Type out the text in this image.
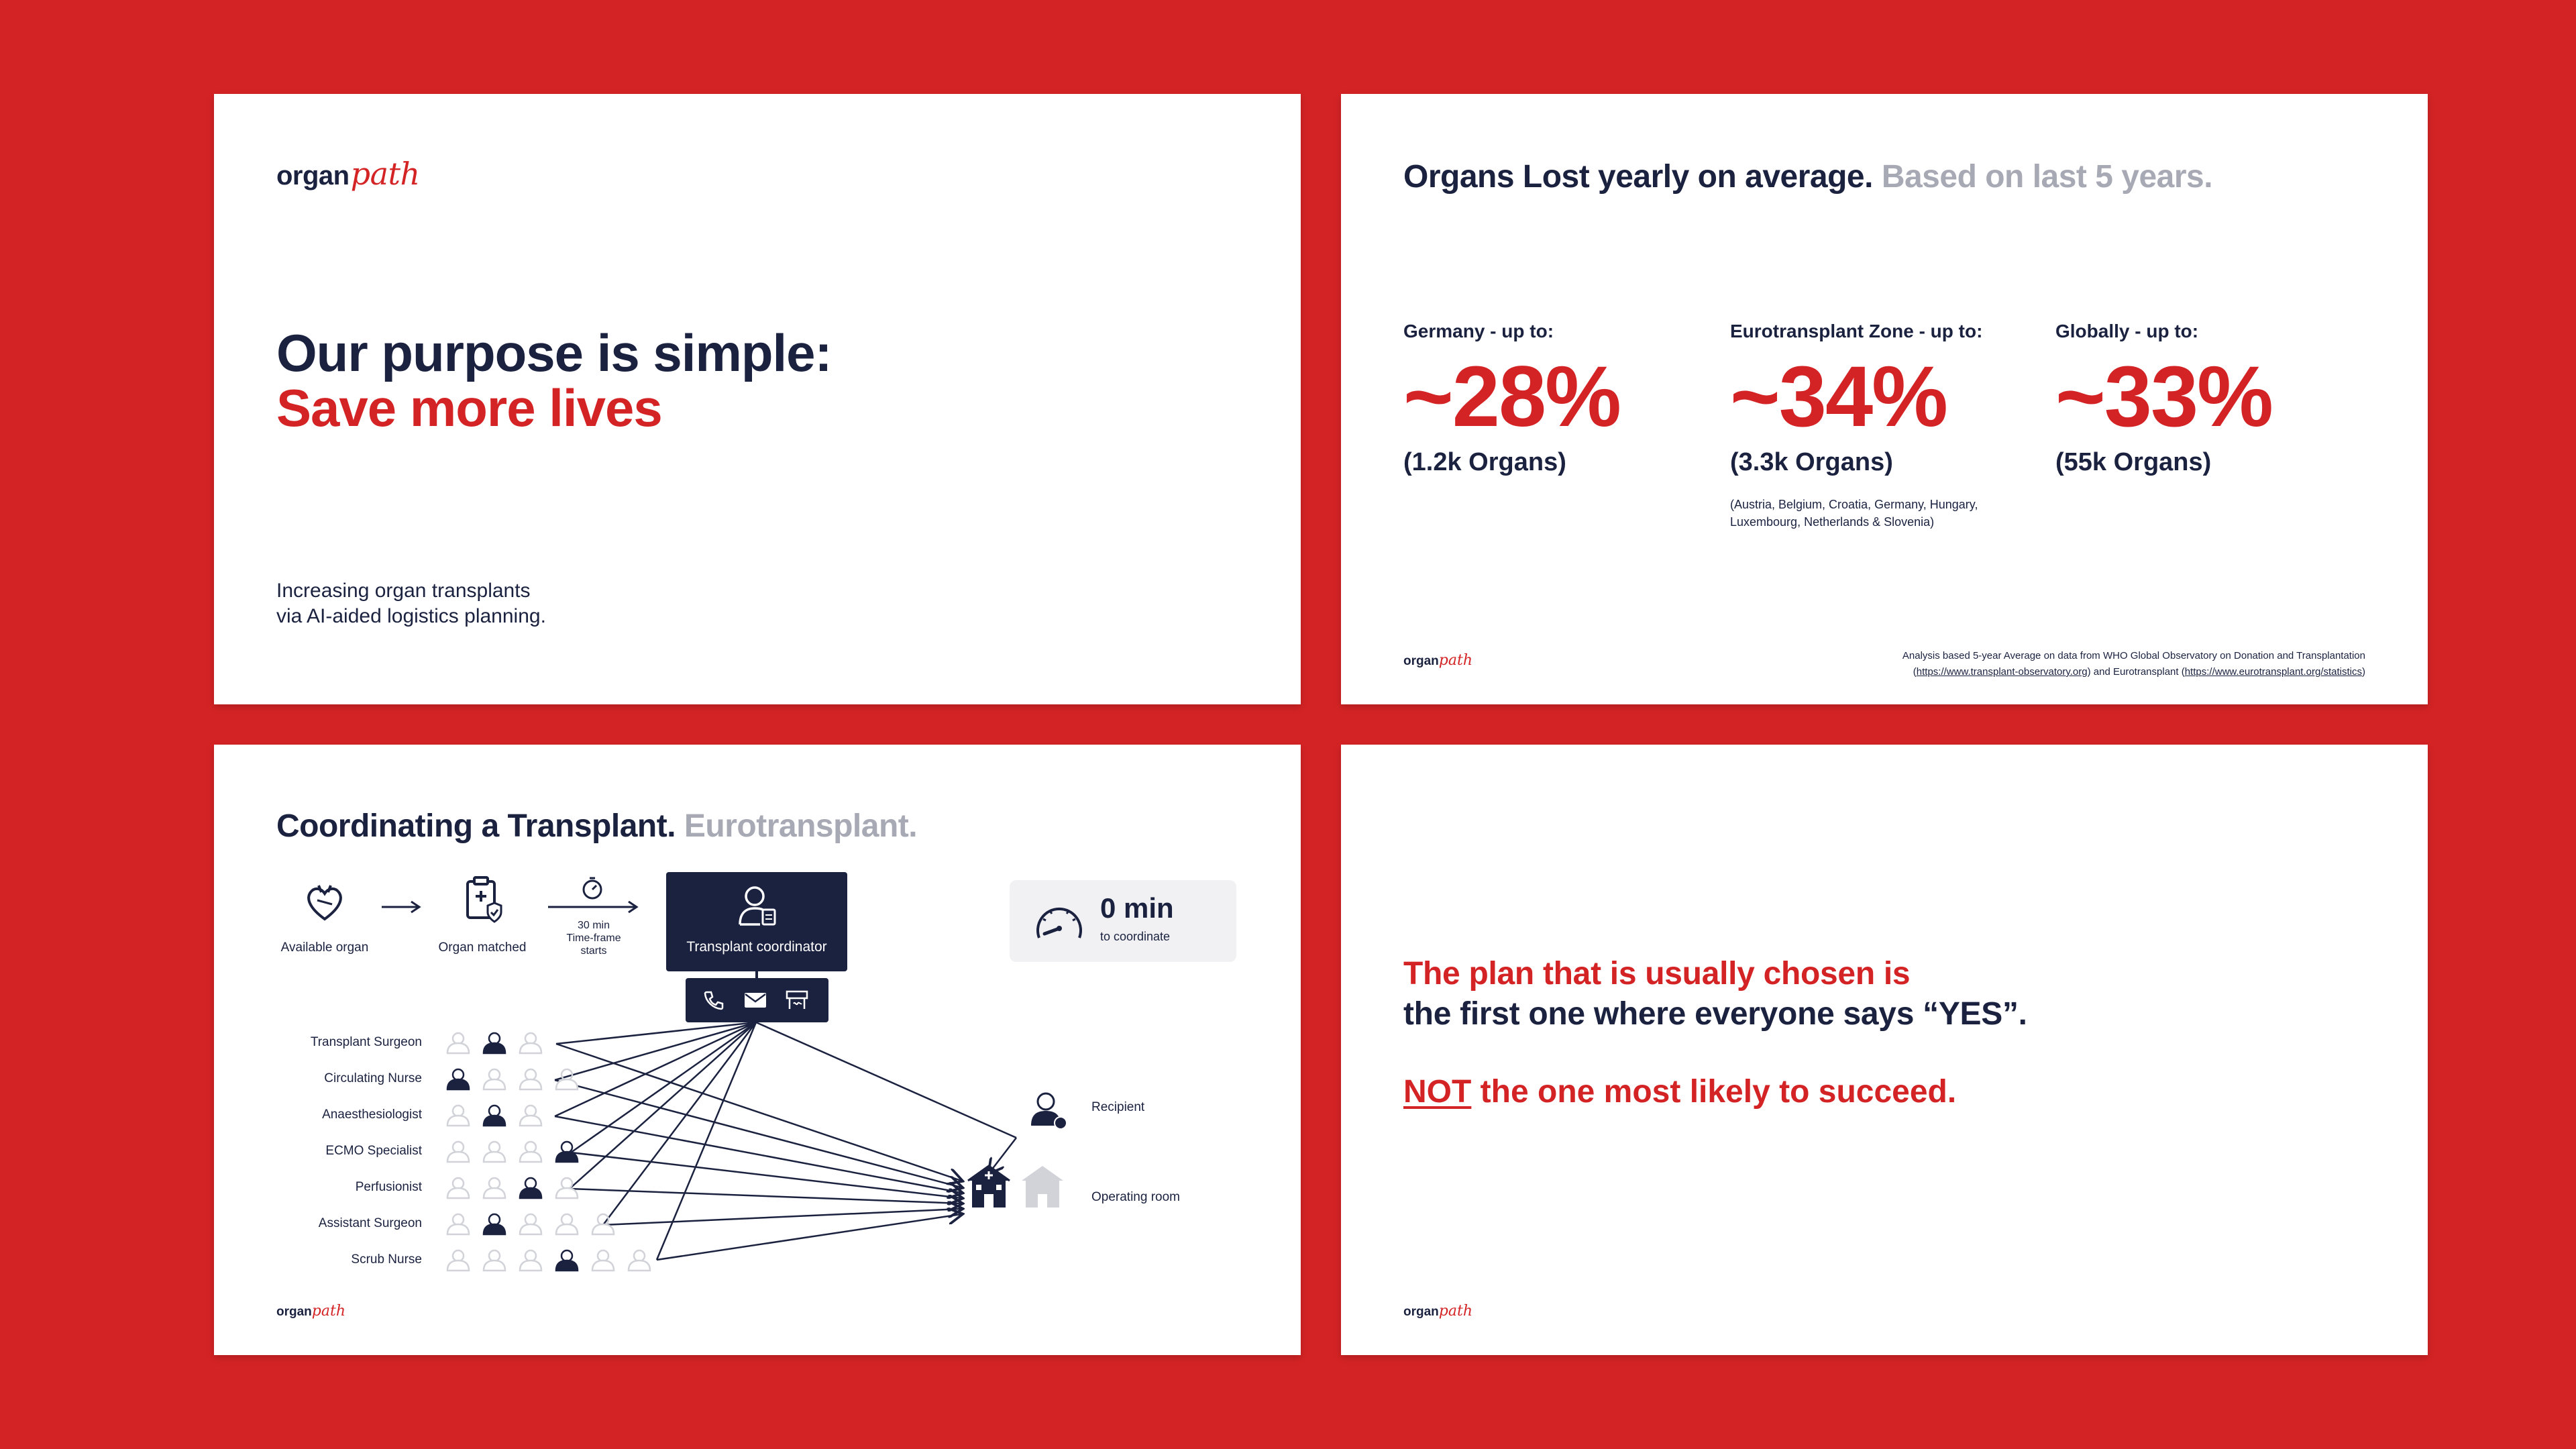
organpath
Our purpose is simple:
Save more lives
Increasing organ transplants
via AI-aided logistics planning.
Organs Lost yearly on average. Based on last 5 years.
Germany - up to:
~28%
(1.2k Organs)
Eurotransplant Zone - up to:
~34%
(3.3k Organs)
(Austria, Belgium, Croatia, Germany, Hungary,
Luxembourg, Netherlands & Slovenia)
Globally - up to:
~33%
(55k Organs)
organpath	Analysis based 5-year Average on data from WHO Global Observatory on Donation and Transplantation
(https://www.transplant-observatory.org) and Eurotransplant (https://www.eurotransplant.org/statistics)
Coordinating a Transplant. Eurotransplant.
Available organ	Organ matched
30 min
Time-frame
starts	Transplant coordinator
0 min
to coordinate
Transplant Surgeon
Circulating Nurse
Anaesthesiologist
ECMO Specialist
Perfusionist
Assistant Surgeon
Scrub Nurse
Recipient
Operating room
organpath
The plan that is usually chosen is
the first one where everyone says “YES”.
NOT the one most likely to succeed.
organpath
